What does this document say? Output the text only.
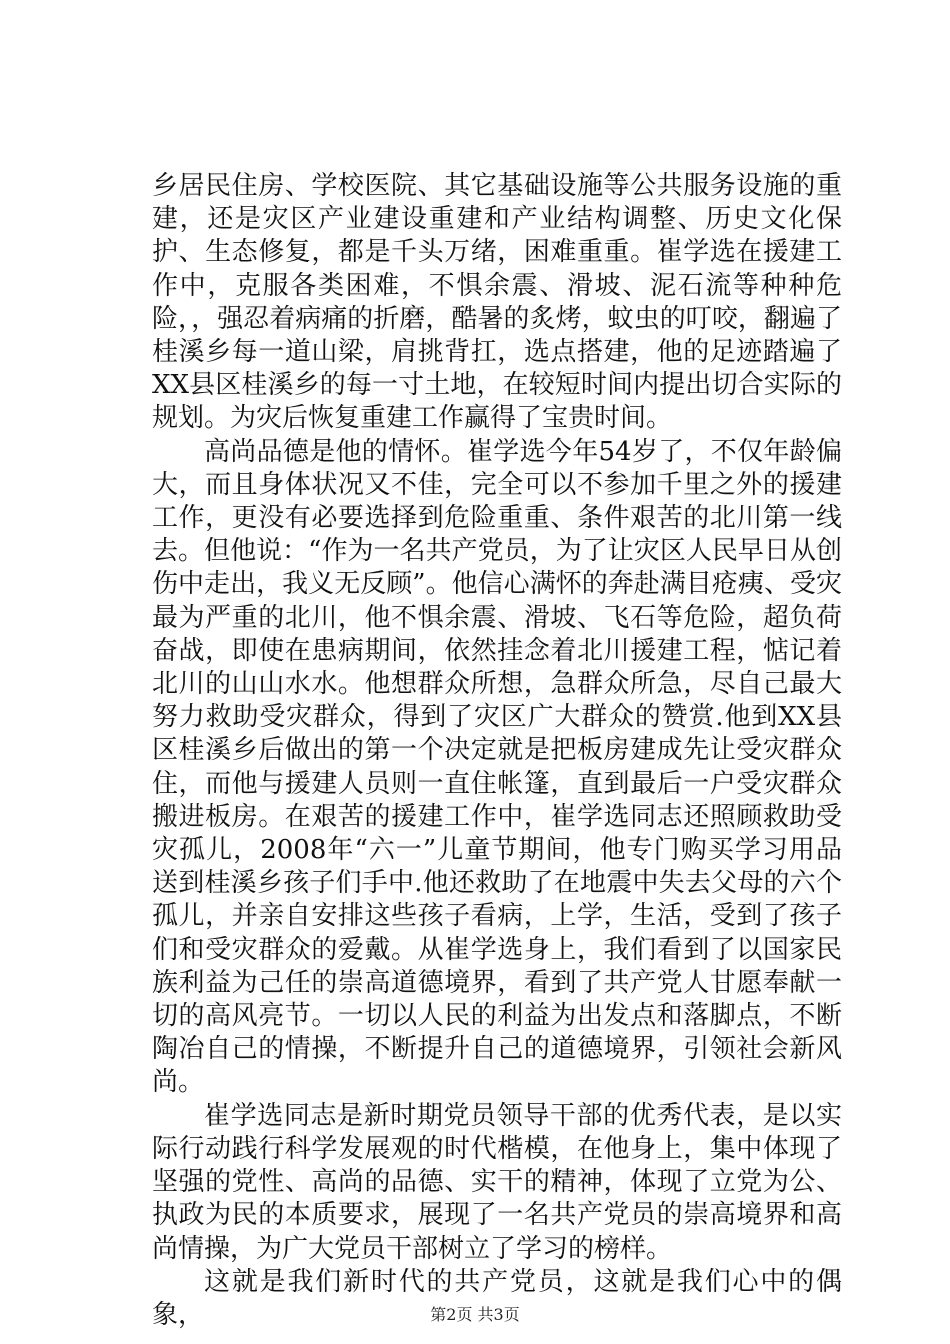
乡居民住房、学校医院、其它基础设施等公共服务设施的重建，还是灾区产业建设重建和产业结构调整、历史文化保护、生态修复，都是千头万绪，困难重重。崔学选在援建工作中，克服各类困难，不惧余震、滑坡、泥石流等种种危险，，强忍着病痛的折磨，酷暑的炙烤，蚊虫的叮咬，翻遍了桂溪乡每一道山梁，肩挑背扛，选点搭建，他的足迹踏遍了XX县区桂溪乡的每一寸土地，在较短时间内提出切合实际的规划。为灾后恢复重建工作赢得了宝贵时间。

高尚品德是他的情怀。崔学选今年54岁了，不仅年龄偏大，而且身体状况又不佳，完全可以不参加千里之外的援建工作，更没有必要选择到危险重重、条件艰苦的北川第一线去。但他说：“作为一名共产党员，为了让灾区人民早日从创伤中走出，我义无反顾”。他信心满怀的奔赴满目疮痍、受灾最为严重的北川，他不惧余震、滑坡、飞石等危险，超负荷奋战，即使在患病期间，依然挂念着北川援建工程，惦记着北川的山山水水。他想群众所想，急群众所急，尽自己最大努力救助受灾群众，得到了灾区广大群众的赞赏.他到XX县区桂溪乡后做出的第一个决定就是把板房建成先让受灾群众住，而他与援建人员则一直住帐篷，直到最后一户受灾群众搬进板房。在艰苦的援建工作中，崔学选同志还照顾救助受灾孤儿，2008年“六一”儿童节期间，他专门购买学习用品送到桂溪乡孩子们手中.他还救助了在地震中失去父母的六个孤儿，并亲自安排这些孩子看病，上学，生活，受到了孩子们和受灾群众的爱戴。从崔学选身上，我们看到了以国家民族利益为己任的崇高道德境界，看到了共产党人甘愿奉献一切的高风亮节。一切以人民的利益为出发点和落脚点，不断陶冶自己的情操，不断提升自己的道德境界，引领社会新风尚。

崔学选同志是新时期党员领导干部的优秀代表，是以实际行动践行科学发展观的时代楷模，在他身上，集中体现了坚强的党性、高尚的品德、实干的精神，体现了立党为公、执政为民的本质要求，展现了一名共产党员的崇高境界和高尚情操，为广大党员干部树立了学习的榜样。

这就是我们新时代的共产党员，这就是我们心中的偶象，	第2页 共3页
